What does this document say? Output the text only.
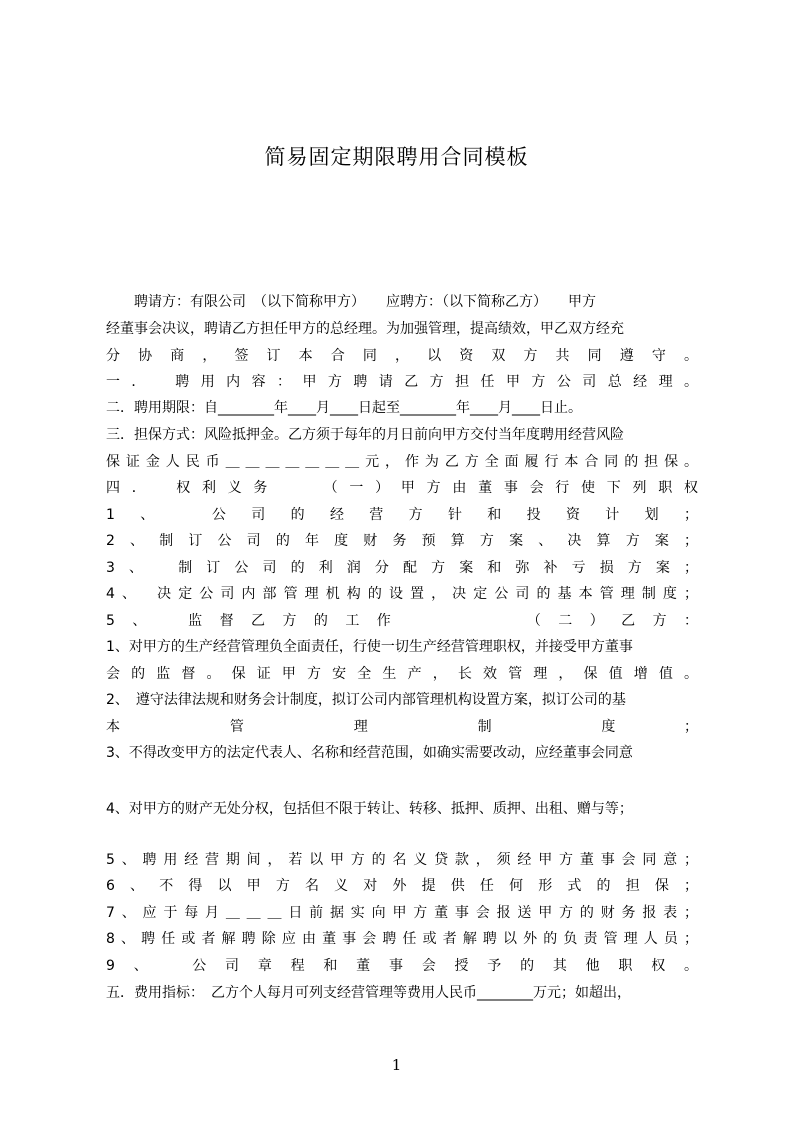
简易固定期限聘用合同模板
　　聘请方：有限公司　（以下简称甲方）　　应聘方：（以下简称乙方）　　甲方
经董事会决议，聘请乙方担任甲方的总经理。为加强管理，提高绩效，甲乙双方经充
分协商，签订本合同，以资双方共同遵守。
一．　聘用内容：甲方聘请乙方担任甲方公司总经理。
二．聘用期限：自________年____月____日起至________年____月____日止。
三．担保方式：风险抵押金。乙方须于每年的月日前向甲方交付当年度聘用经营风险
保证金人民币＿＿＿＿＿＿＿元，作为乙方全面履行本合同的担保。
四．　权利义务　　（一）甲方由董事会行使下列职权
1、　公司的经营方针和投资计划；
2、制订公司的年度财务预算方案、决算方案；
3、　制订公司的利润分配方案和弥补亏损方案；
4、　决定公司内部管理机构的设置，决定公司的基本管理制度；
5、　监督乙方的工作　　　　（二）乙方：
1、对甲方的生产经营管理负全面责任，行使一切生产经营管理职权，并接受甲方董事
会的监督。保证甲方安全生产，长效管理，保值增值。
2、　遵守法律法规和财务会计制度，拟订公司内部管理机构设置方案，拟订公司的基
本　　管　　理　　制　　度　；
3、不得改变甲方的法定代表人、名称和经营范围，如确实需要改动，应经董事会同意
4、对甲方的财产无处分权，包括但不限于转让、转移、抵押、质押、出租、赠与等；
5、聘用经营期间，若以甲方的名义贷款，须经甲方董事会同意；
6、不得以甲方名义对外提供任何形式的担保；
7、应于每月＿＿＿日前据实向甲方董事会报送甲方的财务报表；
8、聘任或者解聘除应由董事会聘任或者解聘以外的负责管理人员；
9、　公司章程和董事会授予的其他职权。
五．费用指标：　乙方个人每月可列支经营管理等费用人民币________万元；如超出，
1
